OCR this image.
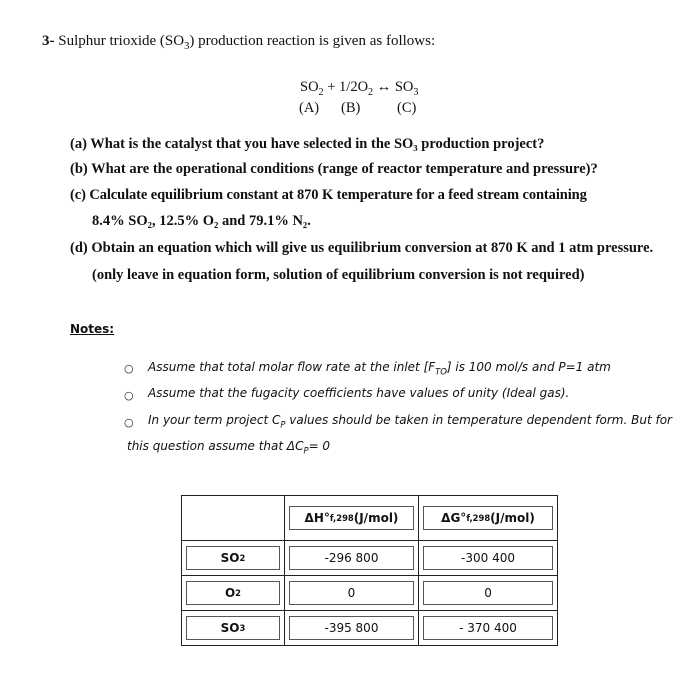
3- Sulphur trioxide $(SO_3)$ production reaction is given as follows:
$SO_2 + 1/2O_2$ ↔ $SO_3$
(A) (B)	(C)
(a) What is the catalyst that you have selected in the SO₃ production project?
(b) What are the operational conditions (range of reactor temperature and pressure)?
(c) Calculate equilibrium constant at 870 K temperature for a feed stream containing
8.4% SO₂, 12.5% O₂ and 79.1% N₂.
(d) Obtain an equation which will give us equilibrium conversion at 870 K and 1 atm pressure.
(only leave in equation form, solution of equilibrium conversion is not required)
Notes:
○ Assume that total molar flow rate at the inlet $[F_{TO}]$ is 100 mol/s and P=1 atm
○ Assume that the fugacity coefficients have values of unity (Ideal gas).
○ In your term project $C_P$ values should be taken in temperature dependent form. But for
this question assume that $\Delta C_P= 0$

	ΔH° f,298 (J/mol)	ΔG° f,298 (J/mol)

SO 2	-296 800	-300 400

O 2	0	0

SO 3	-395 800	- 370 400
